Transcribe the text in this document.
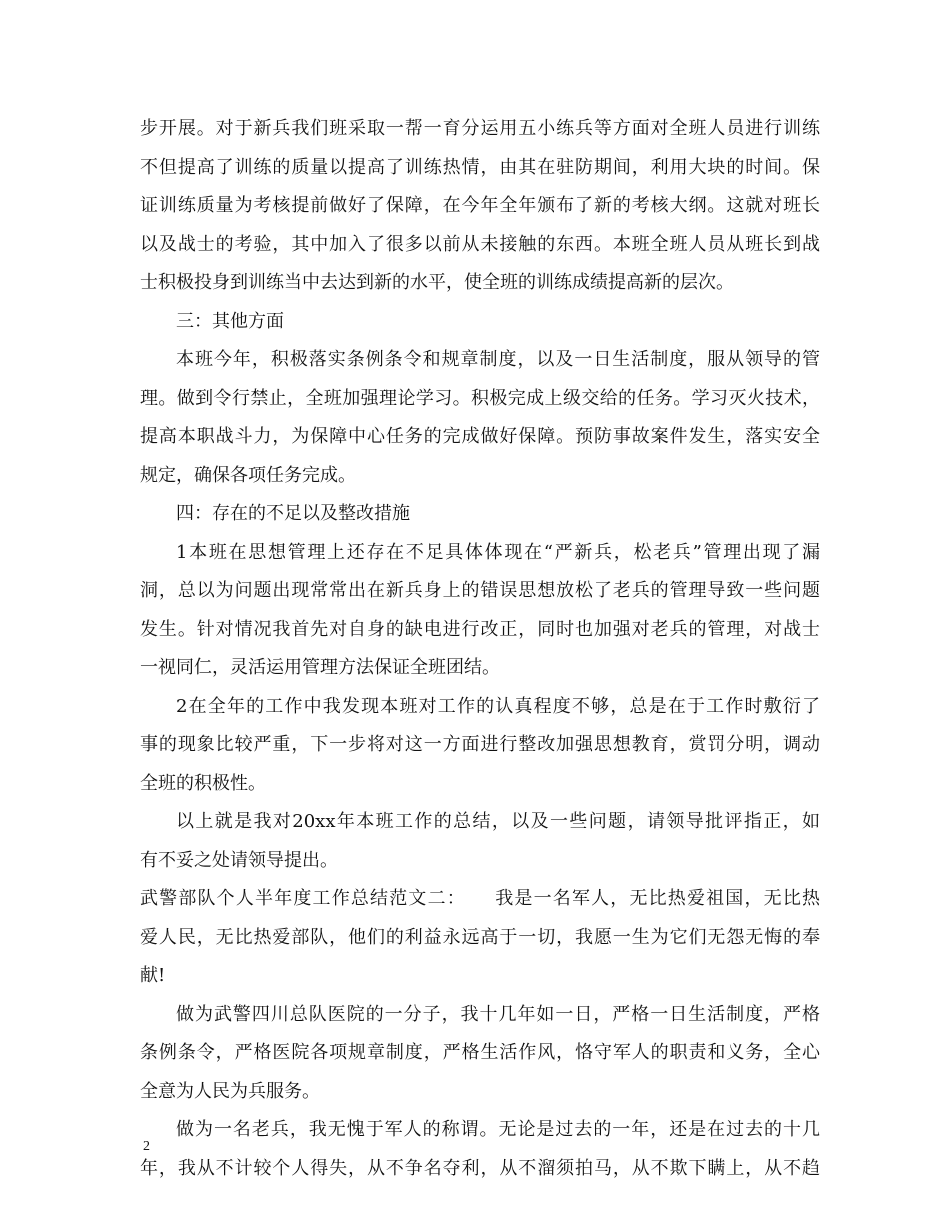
步开展。对于新兵我们班采取一帮一育分运用五小练兵等方面对全班人员进行训练
不但提高了训练的质量以提高了训练热情，由其在驻防期间，利用大块的时间。保
证训练质量为考核提前做好了保障，在今年全年颁布了新的考核大纲。这就对班长
以及战士的考验，其中加入了很多以前从未接触的东西。本班全班人员从班长到战
士积极投身到训练当中去达到新的水平，使全班的训练成绩提高新的层次。
三：其他方面
本班今年，积极落实条例条令和规章制度，以及一日生活制度，服从领导的管
理。做到令行禁止，全班加强理论学习。积极完成上级交给的任务。学习灭火技术，
提高本职战斗力，为保障中心任务的完成做好保障。预防事故案件发生，落实安全
规定，确保各项任务完成。
四：存在的不足以及整改措施
1本班在思想管理上还存在不足具体体现在“严新兵，松老兵”管理出现了漏
洞，总以为问题出现常常出在新兵身上的错误思想放松了老兵的管理导致一些问题
发生。针对情况我首先对自身的缺电进行改正，同时也加强对老兵的管理，对战士
一视同仁，灵活运用管理方法保证全班团结。
2在全年的工作中我发现本班对工作的认真程度不够，总是在于工作时敷衍了
事的现象比较严重，下一步将对这一方面进行整改加强思想教育，赏罚分明，调动
全班的积极性。
以上就是我对20xx年本班工作的总结，以及一些问题，请领导批评指正，如
有不妥之处请领导提出。
武警部队个人半年度工作总结范文二：　　我是一名军人，无比热爱祖国，无比热
爱人民，无比热爱部队，他们的利益永远高于一切，我愿一生为它们无怨无悔的奉
献!
做为武警四川总队医院的一分子，我十几年如一日，严格一日生活制度，严格
条例条令，严格医院各项规章制度，严格生活作风，恪守军人的职责和义务，全心
全意为人民为兵服务。
做为一名老兵，我无愧于军人的称谓。无论是过去的一年，还是在过去的十几
年，我从不计较个人得失，从不争名夺利，从不溜须拍马，从不欺下瞒上，从不趋
2
